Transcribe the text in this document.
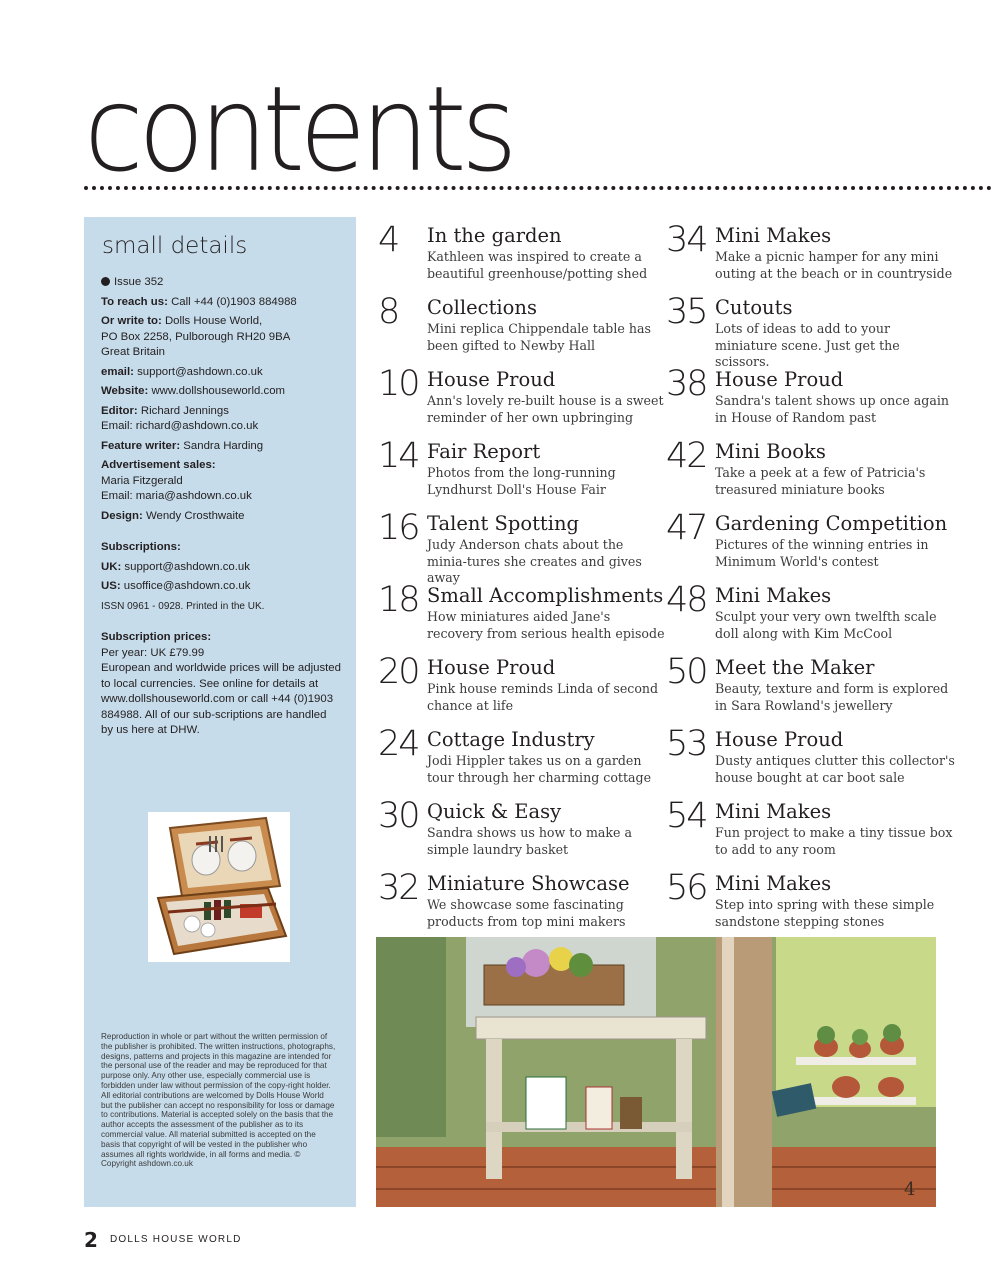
contents
small details
Issue 352
To reach us: Call +44 (0)1903 884988
Or write to: Dolls House World,
PO Box 2258, Pulborough RH20 9BA
Great Britain
email: support@ashdown.co.uk
Website: www.dollshouseworld.com
Editor: Richard Jennings
Email: richard@ashdown.co.uk
Feature writer: Sandra Harding
Advertisement sales:
Maria Fitzgerald
Email: maria@ashdown.co.uk
Design: Wendy Crosthwaite
Subscriptions:
UK: support@ashdown.co.uk
US: usoffice@ashdown.co.uk
ISSN 0961 - 0928. Printed in the UK.
Subscription prices:
Per year: UK £79.99
European and worldwide prices will be adjusted to local currencies. See online for details at www.dollshouseworld.com or call +44 (0)1903 884988. All of our sub-scriptions are handled by us here at DHW.
Reproduction in whole or part without the written permission of the publisher is prohibited. The written instructions, photographs, designs, patterns and projects in this magazine are intended for the personal use of the reader and may be reproduced for that purpose only. Any other use, especially commercial use is forbidden under law without permission of the copy-right holder. All editorial contributions are welcomed by Dolls House World but the publisher can accept no responsibility for loss or damage to contributions. Material is accepted solely on the basis that the author accepts the assessment of the publisher as to its commercial value. All material submitted is accepted on the basis that copyright of will be vested in the publisher who assumes all rights worldwide, in all forms and media. © Copyright ashdown.co.uk
4 In the garden
Kathleen was inspired to create a beautiful greenhouse/potting shed
8 Collections
Mini replica Chippendale table has been gifted to Newby Hall
10 House Proud
Ann's lovely re-built house is a sweet reminder of her own upbringing
14 Fair Report
Photos from the long-running Lyndhurst Doll's House Fair
16 Talent Spotting
Judy Anderson chats about the minia-tures she creates and gives away
18 Small Accomplishments
How miniatures aided Jane's recovery from serious health episode
20 House Proud
Pink house reminds Linda of second chance at life
24 Cottage Industry
Jodi Hippler takes us on a garden tour through her charming cottage
30 Quick & Easy
Sandra shows us how to make a simple laundry basket
32 Miniature Showcase
We showcase some fascinating products from top mini makers
34 Mini Makes
Make a picnic hamper for any mini outing at the beach or in countryside
35 Cutouts
Lots of ideas to add to your miniature scene. Just get the scissors.
38 House Proud
Sandra's talent shows up once again in House of Random past
42 Mini Books
Take a peek at a few of Patricia's treasured miniature books
47 Gardening Competition
Pictures of the winning entries in Minimum World's contest
48 Mini Makes
Sculpt your very own twelfth scale doll along with Kim McCool
50 Meet the Maker
Beauty, texture and form is explored in Sara Rowland's jewellery
53 House Proud
Dusty antiques clutter this collector's house bought at car boot sale
54 Mini Makes
Fun project to make a tiny tissue box to add to any room
56 Mini Makes
Step into spring with these simple sandstone stepping stones
4
2 DOLLS HOUSE WORLD
